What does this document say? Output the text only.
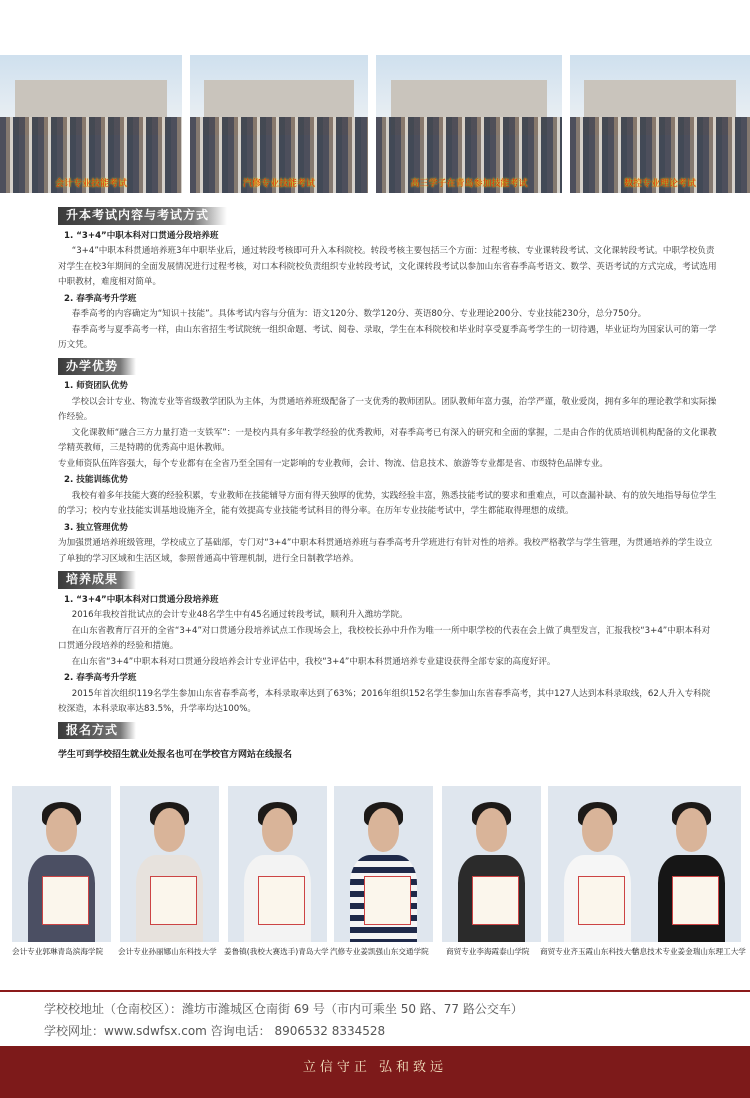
会计专业技能考试	汽修专业技能考试	高三学子在青岛参加技能考试	数控专业理论考试
升本考试内容与考试方式

1. “3+4”中职本科对口贯通分段培养班

“3+4”中职本科贯通培养班3年中职毕业后，通过转段考核即可升入本科院校。转段考核主要包括三个方面：过程考核、专业课转段考试、文化课转段考试。中职学校负责对学生在校3年期间的全面发展情况进行过程考核，对口本科院校负责组织专业转段考试，文化课转段考试以参加山东省春季高考语文、数学、英语考试的方式完成，考试选用中职教材，难度相对简单。

2. 春季高考升学班

春季高考的内容确定为“知识＋技能”。具体考试内容与分值为：语文120分、数学120分、英语80分、专业理论200分、专业技能230分，总分750分。

春季高考与夏季高考一样，由山东省招生考试院统一组织命题、考试、阅卷、录取，学生在本科院校和毕业时享受夏季高考学生的一切待遇，毕业证均为国家认可的第一学历文凭。

办学优势

1. 师资团队优势

学校以会计专业、物流专业等省级教学团队为主体，为贯通培养班级配备了一支优秀的教师团队。团队教师年富力强，治学严谨，敬业爱岗，拥有多年的理论教学和实际操作经验。

文化课教师“融合三方力量打造一支铁军”：一是校内具有多年教学经验的优秀教师，对春季高考已有深入的研究和全面的掌握，二是由合作的优质培训机构配备的文化课教学精英教师，三是特聘的优秀高中退休教师。

专业师资队伍阵容强大，每个专业都有在全省乃至全国有一定影响的专业教师，会计、物流、信息技术、旅游等专业都是省、市级特色品牌专业。

2. 技能训练优势

我校有着多年技能大赛的经验积累，专业教师在技能辅导方面有得天独厚的优势，实践经验丰富，熟悉技能考试的要求和重难点，可以查漏补缺、有的放矢地指导每位学生的学习；校内专业技能实训基地设施齐全，能有效提高专业技能考试科目的得分率。在历年专业技能考试中，学生都能取得理想的成绩。

3. 独立管理优势

为加强贯通培养班级管理，学校成立了基础部，专门对“3+4”中职本科贯通培养班与春季高考升学班进行有针对性的培养。我校严格教学与学生管理，为贯通培养的学生设立了单独的学习区域和生活区域，参照普通高中管理机制，进行全日制教学培养。

培养成果

1. “3+4”中职本科对口贯通分段培养班

2016年我校首批试点的会计专业48名学生中有45名通过转段考试，顺利升入潍坊学院。

在山东省教育厅召开的全省“3+4”对口贯通分段培养试点工作现场会上，我校校长孙中升作为唯一一所中职学校的代表在会上做了典型发言，汇报我校“3+4”中职本科对口贯通分段培养的经验和措施。

在山东省“3+4”中职本科对口贯通分段培养会计专业评估中，我校“3+4”中职本科贯通培养专业建设获得全部专家的高度好评。

2. 春季高考升学班

2015年首次组织119名学生参加山东省春季高考，本科录取率达到了63%；2016年组织152名学生参加山东省春季高考，其中127人达到本科录取线，62人升入专科院校深造，本科录取率达83.5%，升学率均达100%。

报名方式

学生可到学校招生就业处报名也可在学校官方网站在线报名

会计专业郭琳青岛滨海学院	会计专业孙丽娜山东科技大学 姜鲁镇(我校大赛选手)青岛大学 汽修专业姜凯强山东交通学院	商贸专业李海霞泰山学院	商贸专业齐玉霞山东科技大学
信息技术专业姜金瑞山东理工大学
学校校地址（仓南校区）：潍坊市潍城区仓南街 69 号（市内可乘坐 50 路、77 路公交车）
学校网址：www.sdwfsx.com 咨询电话： 8906532 8334528
立信守正 弘和致远
